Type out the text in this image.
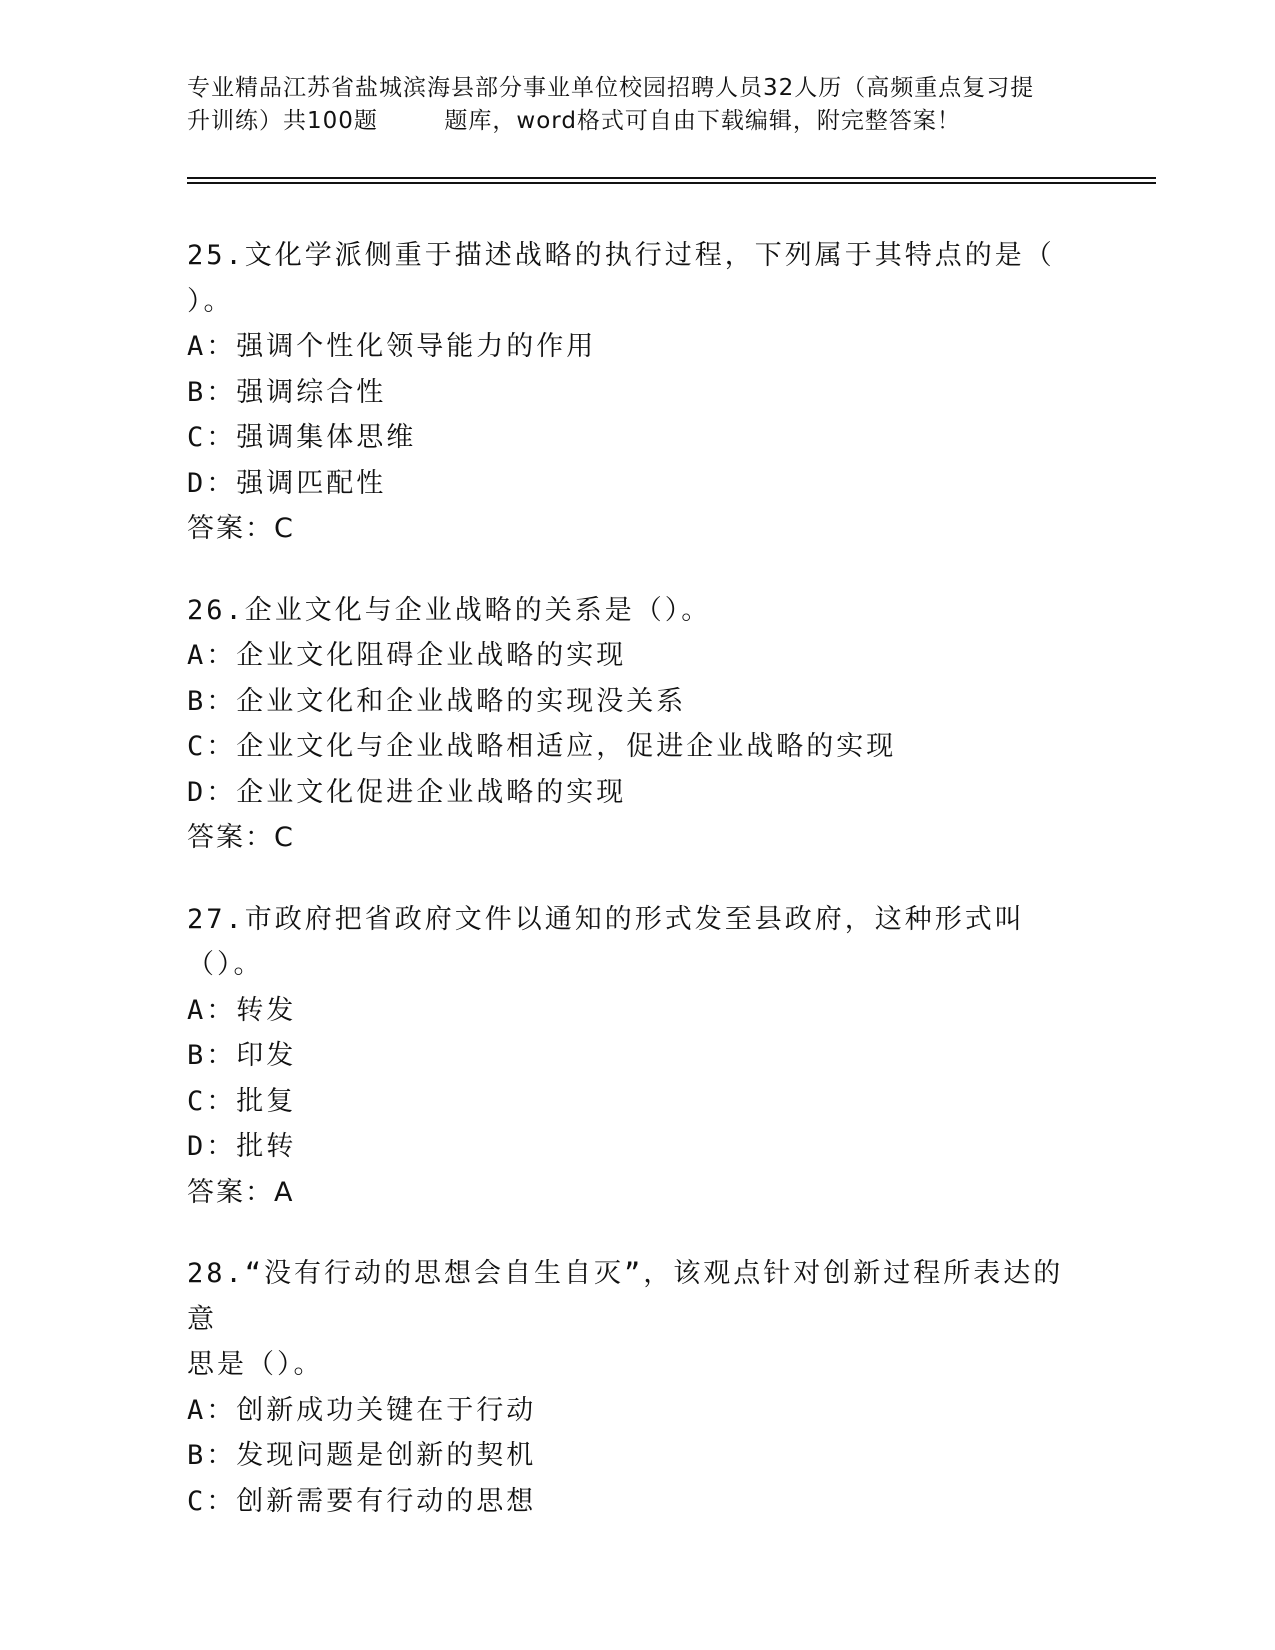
专业精品江苏省盐城滨海县部分事业单位校园招聘人员32人历（高频重点复习提
升训练）共100题        题库，word格式可自由下载编辑，附完整答案！
25.文化学派侧重于描述战略的执行过程，下列属于其特点的是（
）。
A：强调个性化领导能力的作用
B：强调综合性
C：强调集体思维
D：强调匹配性
答案：C
26.企业文化与企业战略的关系是（）。
A：企业文化阻碍企业战略的实现
B：企业文化和企业战略的实现没关系
C：企业文化与企业战略相适应，促进企业战略的实现
D：企业文化促进企业战略的实现
答案：C
27.市政府把省政府文件以通知的形式发至县政府，这种形式叫（）。
A：转发
B：印发
C：批复
D：批转
答案：A
28.“没有行动的思想会自生自灭”，该观点针对创新过程所表达的意
思是（）。
A：创新成功关键在于行动
B：发现问题是创新的契机
C：创新需要有行动的思想
